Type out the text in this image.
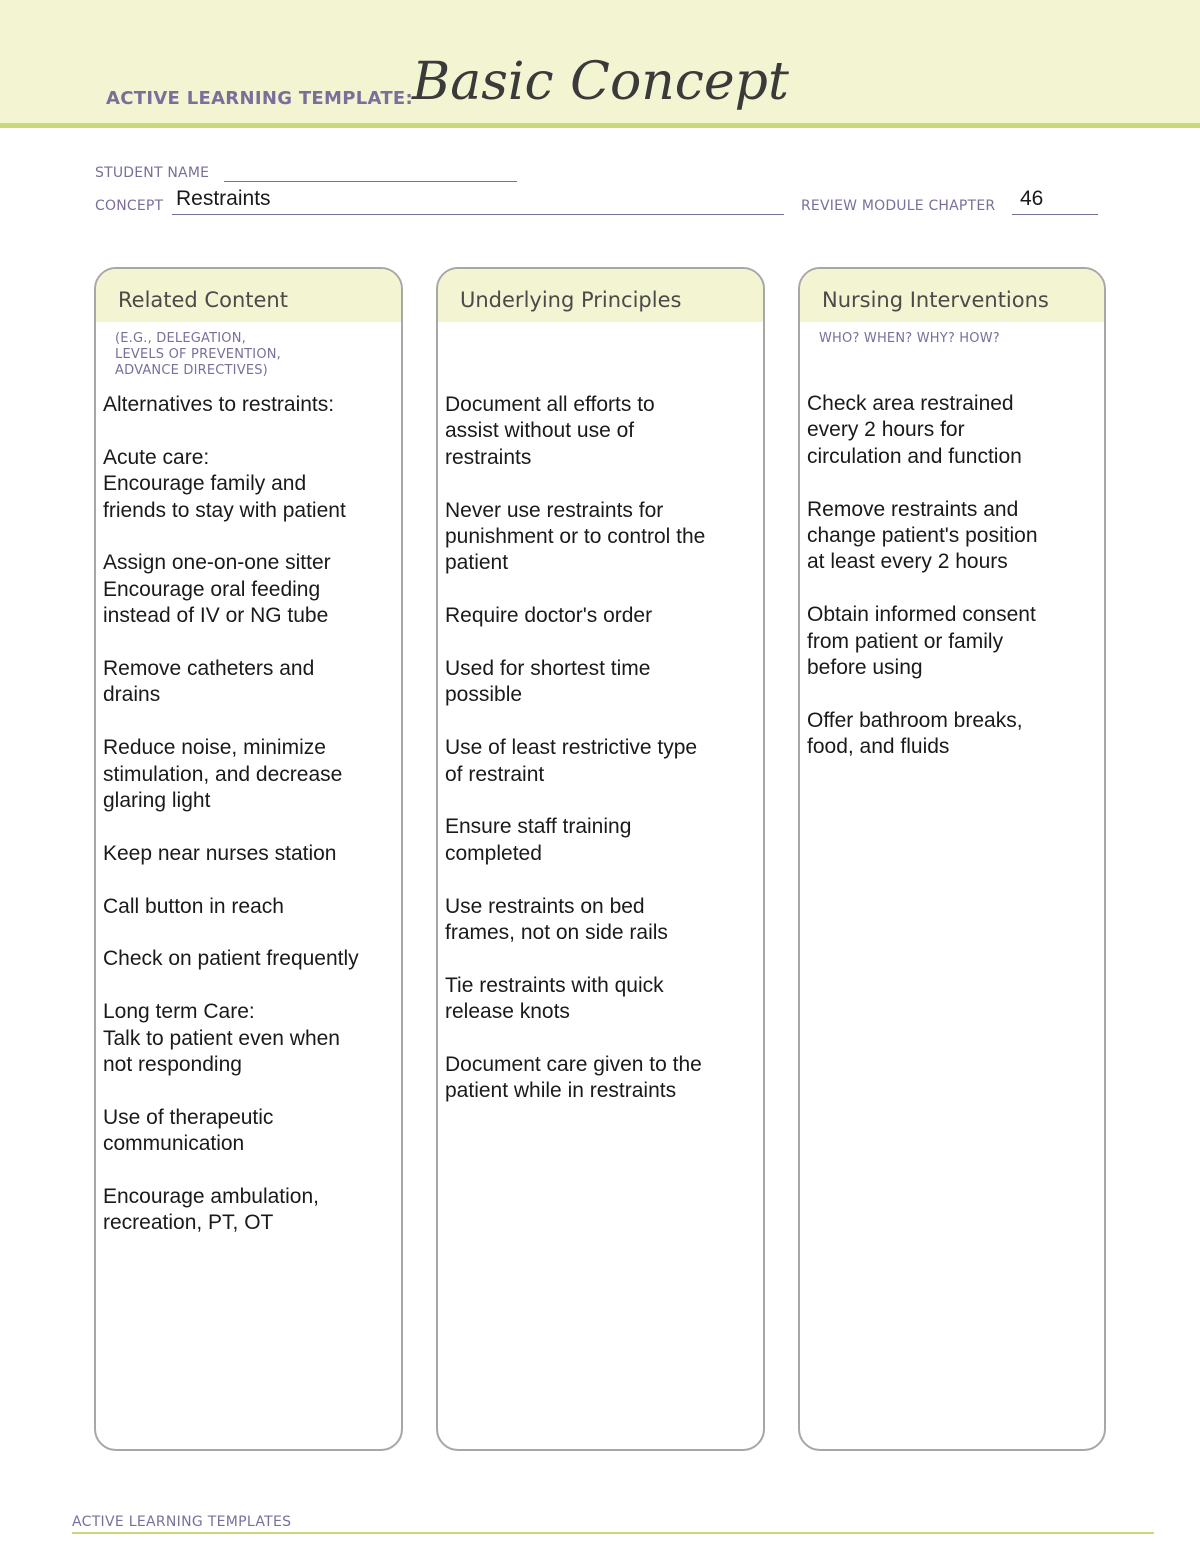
ACTIVE LEARNING TEMPLATE: Basic Concept
STUDENT NAME
CONCEPT Restraints	REVIEW MODULE CHAPTER 46
Related Content
(E.G., DELEGATION,
LEVELS OF PREVENTION,
ADVANCE DIRECTIVES)
Alternatives to restraints:
Acute care:
Encourage family and
friends to stay with patient
Assign one-on-one sitter
Encourage oral feeding
instead of IV or NG tube
Remove catheters and
drains
Reduce noise, minimize
stimulation, and decrease
glaring light
Keep near nurses station
Call button in reach
Check on patient frequently
Long term Care:
Talk to patient even when
not responding
Use of therapeutic
communication
Encourage ambulation,
recreation, PT, OT
Underlying Principles
Document all efforts to
assist without use of
restraints
Never use restraints for
punishment or to control the
patient
Require doctor's order
Used for shortest time
possible
Use of least restrictive type
of restraint
Ensure staff training
completed
Use restraints on bed
frames, not on side rails
Tie restraints with quick
release knots
Document care given to the
patient while in restraints
Nursing Interventions
WHO? WHEN? WHY? HOW?
Check area restrained
every 2 hours for
circulation and function
Remove restraints and
change patient's position
at least every 2 hours
Obtain informed consent
from patient or family
before using
Offer bathroom breaks,
food, and fluids
ACTIVE LEARNING TEMPLATES
